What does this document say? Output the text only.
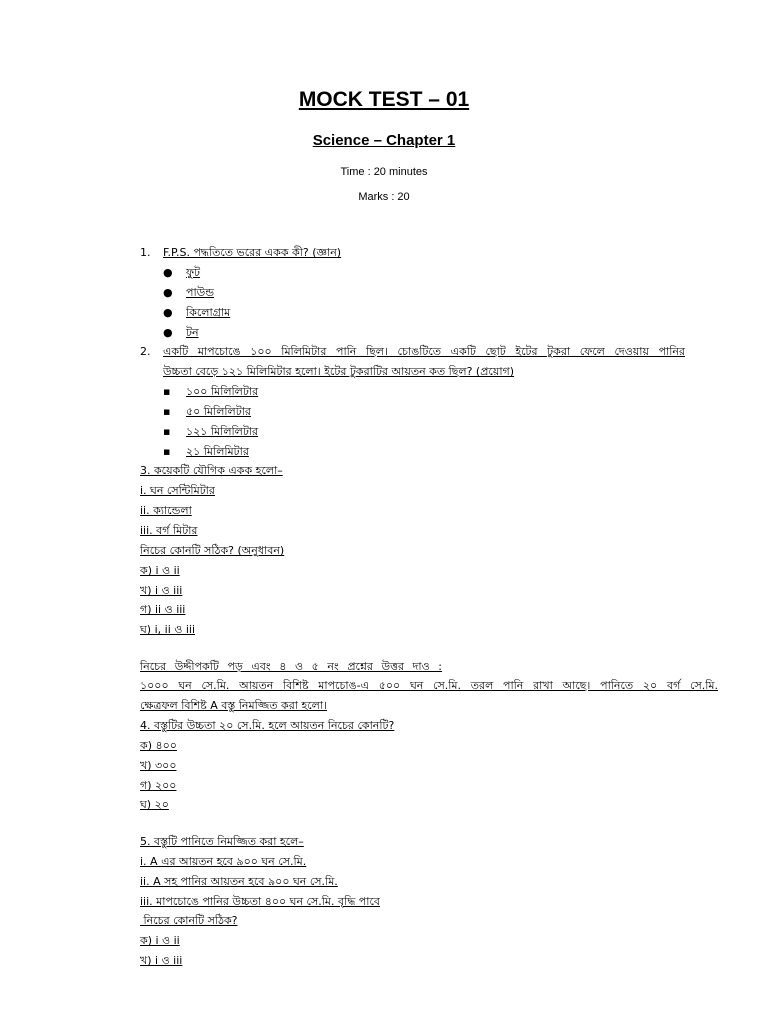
MOCK TEST – 01
Science – Chapter 1
Time : 20 minutes
Marks : 20
1. F.P.S. পদ্ধতিতে ভরের একক কী? (জ্ঞান)
● ফুট
● পাউন্ড
● কিলোগ্রাম
● টন
2. একটি মাপচোঙে ১০০ মিলিমিটার পানি ছিল। চোঙটিতে একটি ছোট ইটের টুকরা ফেলে দেওয়ায় পানির
উচ্চতা বেড়ে ১২১ মিলিমিটার হলো। ইটের টুকরাটির আয়তন কত ছিল? (প্রয়োগ)
▪ ১০০ মিলিলিটার
▪ ৫০ মিলিলিটার
▪ ১২১ মিলিলিটার
▪ ২১ মিলিমিটার
3. কয়েকটি যৌগিক একক হলো–
i. ঘন সেন্টিমিটার
ii. ক্যান্ডেলা
iii. বর্গ মিটার
নিচের কোনটি সঠিক? (অনুধাবন)
ক) i ও ii
খ) i ও iii
গ) ii ও iii
ঘ) i, ii ও iii
নিচের উদ্দীপকটি পড় এবং ৪ ও ৫ নং প্রশ্নের উত্তর দাও :
১০০০ ঘন সে.মি. আয়তন বিশিষ্ট মাপচোঙ-এ ৫০০ ঘন সে.মি. তরল পানি রাখা আছে। পানিতে ২০ বর্গ সে.মি.
ক্ষেত্রফল বিশিষ্ট A বস্তু নিমজ্জিত করা হলো।
4. বস্তুটির উচ্চতা ২০ সে.মি. হলে আয়তন নিচের কোনটি?
ক) ৪০০
খ) ৩০০
গ) ২০০
ঘ) ২০
5. বস্তুটি পানিতে নিমজ্জিত করা হলে–
i. A এর আয়তন হবে ৯০০ ঘন সে.মি.
ii. A সহ পানির আয়তন হবে ৯০০ ঘন সে.মি.
iii. মাপচোঙে পানির উচ্চতা ৪০০ ঘন সে.মি. বৃদ্ধি পাবে
নিচের কোনটি সঠিক?
ক) i ও ii
খ) i ও iii
